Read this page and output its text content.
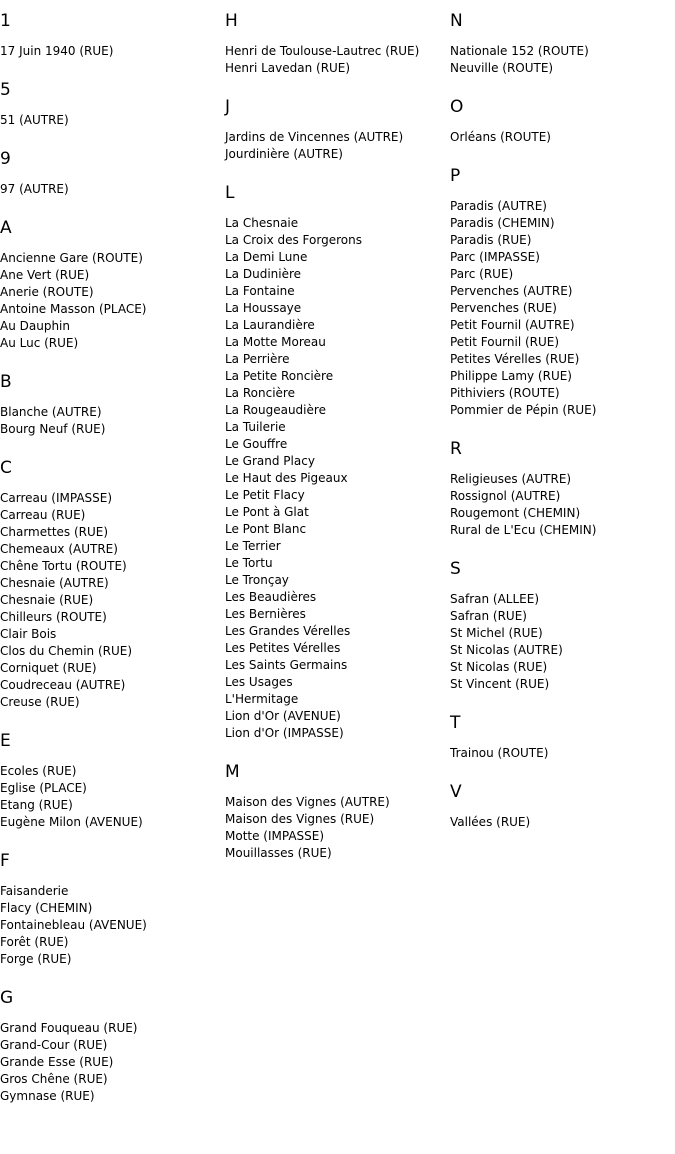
1
17 Juin 1940 (RUE)
5
51 (AUTRE)
9
97 (AUTRE)
A
Ancienne Gare (ROUTE)
Ane Vert (RUE)
Anerie (ROUTE)
Antoine Masson (PLACE)
Au Dauphin
Au Luc (RUE)
B
Blanche (AUTRE)
Bourg Neuf (RUE)
C
Carreau (IMPASSE)
Carreau (RUE)
Charmettes (RUE)
Chemeaux (AUTRE)
Chêne Tortu (ROUTE)
Chesnaie (AUTRE)
Chesnaie (RUE)
Chilleurs (ROUTE)
Clair Bois
Clos du Chemin (RUE)
Corniquet (RUE)
Coudreceau (AUTRE)
Creuse (RUE)
E
Ecoles (RUE)
Eglise (PLACE)
Etang (RUE)
Eugène Milon (AVENUE)
F
Faisanderie
Flacy (CHEMIN)
Fontainebleau (AVENUE)
Forêt (RUE)
Forge (RUE)
G
Grand Fouqueau (RUE)
Grand-Cour (RUE)
Grande Esse (RUE)
Gros Chêne (RUE)
Gymnase (RUE)
H
Henri de Toulouse-Lautrec (RUE)
Henri Lavedan (RUE)
J
Jardins de Vincennes (AUTRE)
Jourdinière (AUTRE)
L
La Chesnaie
La Croix des Forgerons
La Demi Lune
La Dudinière
La Fontaine
La Houssaye
La Laurandière
La Motte Moreau
La Perrière
La Petite Roncière
La Roncière
La Rougeaudière
La Tuilerie
Le Gouffre
Le Grand Placy
Le Haut des Pigeaux
Le Petit Flacy
Le Pont à Glat
Le Pont Blanc
Le Terrier
Le Tortu
Le Tronçay
Les Beaudières
Les Bernières
Les Grandes Vérelles
Les Petites Vérelles
Les Saints Germains
Les Usages
L'Hermitage
Lion d'Or (AVENUE)
Lion d'Or (IMPASSE)
M
Maison des Vignes (AUTRE)
Maison des Vignes (RUE)
Motte (IMPASSE)
Mouillasses (RUE)
N
Nationale 152 (ROUTE)
Neuville (ROUTE)
O
Orléans (ROUTE)
P
Paradis (AUTRE)
Paradis (CHEMIN)
Paradis (RUE)
Parc (IMPASSE)
Parc (RUE)
Pervenches (AUTRE)
Pervenches (RUE)
Petit Fournil (AUTRE)
Petit Fournil (RUE)
Petites Vérelles (RUE)
Philippe Lamy (RUE)
Pithiviers (ROUTE)
Pommier de Pépin (RUE)
R
Religieuses (AUTRE)
Rossignol (AUTRE)
Rougemont (CHEMIN)
Rural de L'Ecu (CHEMIN)
S
Safran (ALLEE)
Safran (RUE)
St Michel (RUE)
St Nicolas (AUTRE)
St Nicolas (RUE)
St Vincent (RUE)
T
Trainou (ROUTE)
V
Vallées (RUE)
